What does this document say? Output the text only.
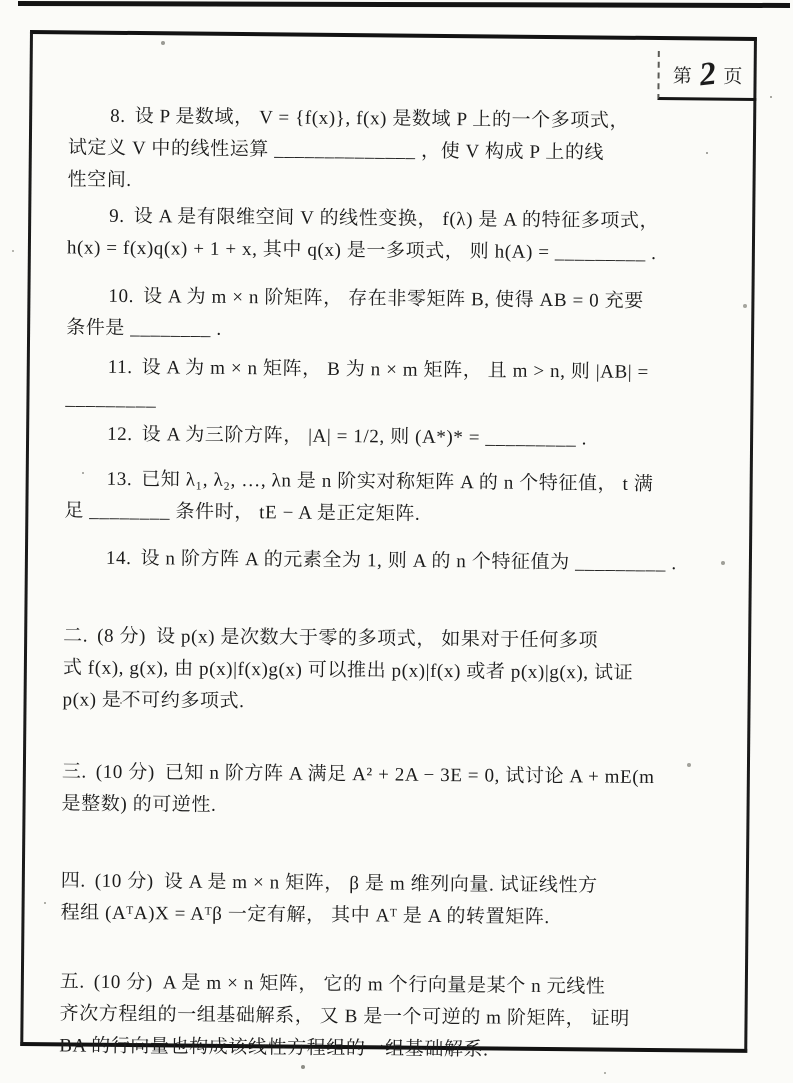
第 2 页
8. 设 P 是数域， V = {f(x)}, f(x) 是数域 P 上的一个多项式，
试定义 V 中的线性运算 ______________ ，使 V 构成 P 上的线
性空间.
9. 设 A 是有限维空间 V 的线性变换， f(λ) 是 A 的特征多项式，
h(x) = f(x)q(x) + 1 + x, 其中 q(x) 是一多项式， 则 h(A) = _________ .
10. 设 A 为 m × n 阶矩阵， 存在非零矩阵 B, 使得 AB = 0 充要
条件是 ________ .
11. 设 A 为 m × n 矩阵， B 为 n × m 矩阵， 且 m > n, 则 |AB| =
_________
12. 设 A 为三阶方阵， |A| = 1/2, 则 (A*)* = _________ .
13. 已知 λ₁, λ₂, …, λn 是 n 阶实对称矩阵 A 的 n 个特征值， t 满
足 ________ 条件时， tE − A 是正定矩阵.
14. 设 n 阶方阵 A 的元素全为 1, 则 A 的 n 个特征值为 _________ .
二. (8 分) 设 p(x) 是次数大于零的多项式， 如果对于任何多项
式 f(x), g(x), 由 p(x)|f(x)g(x) 可以推出 p(x)|f(x) 或者 p(x)|g(x), 试证
p(x) 是不可约多项式.
三. (10 分) 已知 n 阶方阵 A 满足 A² + 2A − 3E = 0, 试讨论 A + mE(m
是整数) 的可逆性.
四. (10 分) 设 A 是 m × n 矩阵， β 是 m 维列向量. 试证线性方
程组 (AᵀA)X = Aᵀβ 一定有解， 其中 Aᵀ 是 A 的转置矩阵.
五. (10 分) A 是 m × n 矩阵， 它的 m 个行向量是某个 n 元线性
齐次方程组的一组基础解系， 又 B 是一个可逆的 m 阶矩阵， 证明
BA 的行向量也构成该线性方程组的一组基础解系.
